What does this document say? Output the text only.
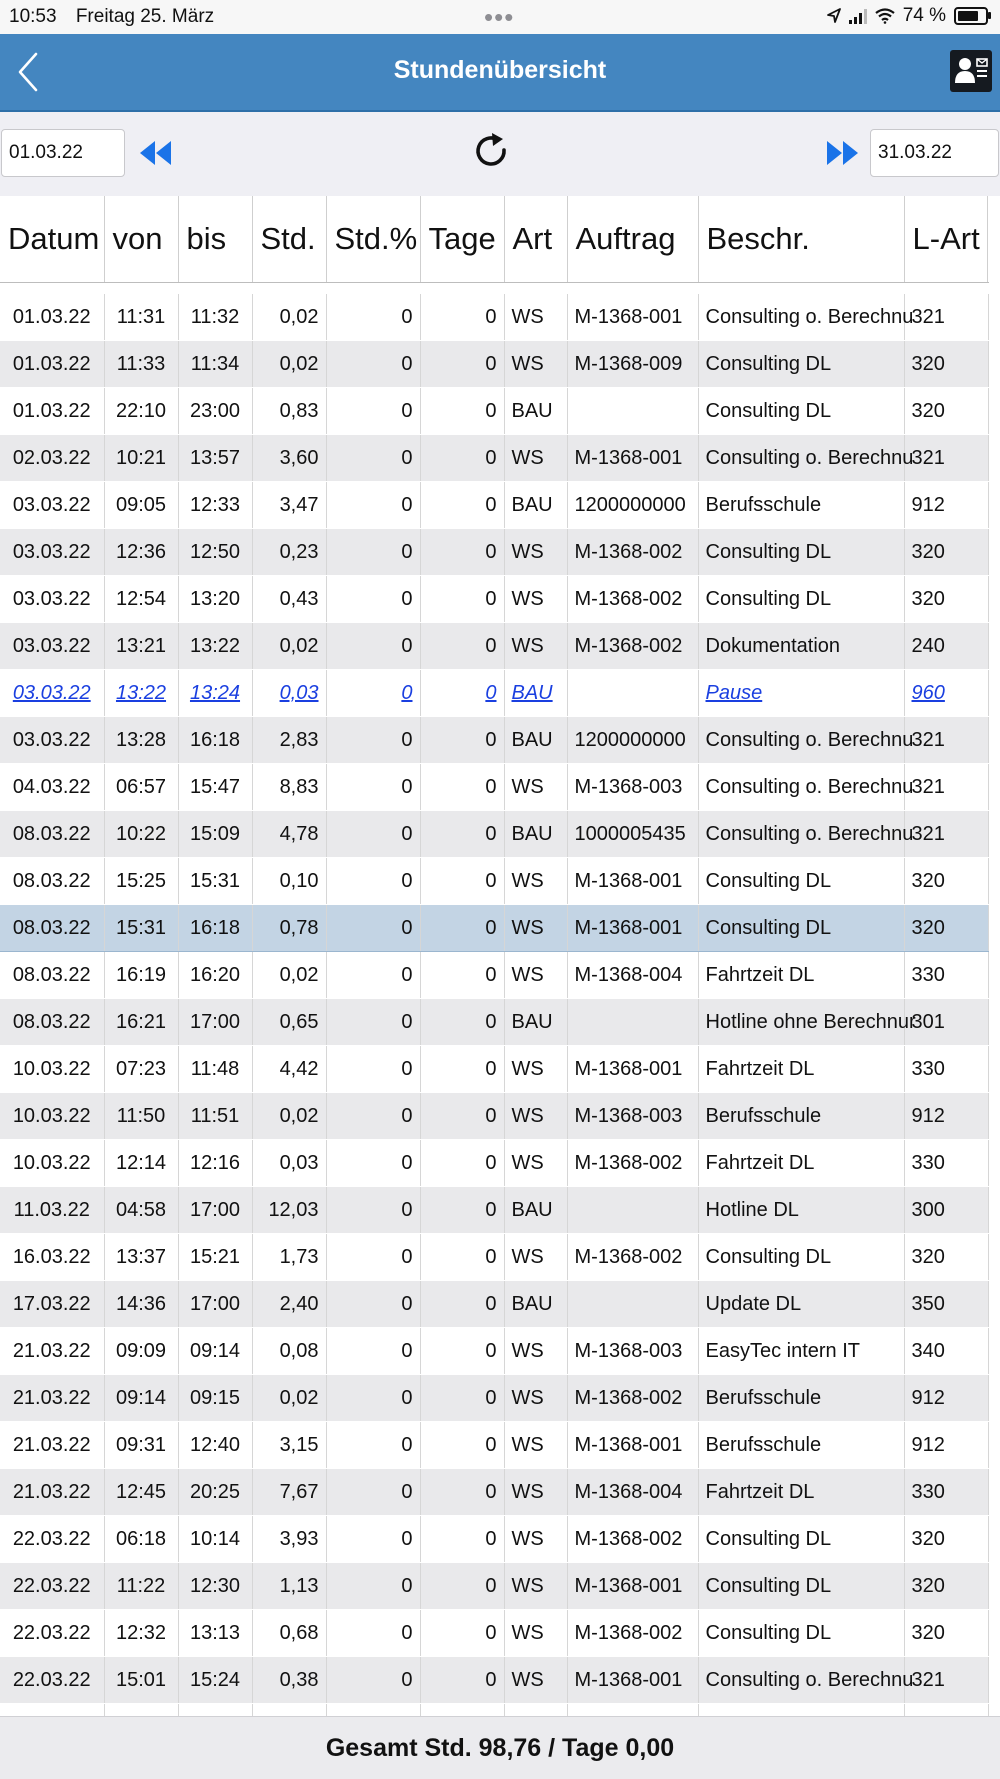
10:53 Freitag 25. März	•••	74 %
Stundenübersicht
01.03.22
31.03.22
Datum	von	bis	Std.	Std.%	Tage	Art	Auftrag	Beschr.	L-Art

01.03.22	11:31	11:32	0,02	0	0	WS	M-1368-001	Consulting o. Berechnu	321
01.03.22	11:33	11:34	0,02	0	0	WS	M-1368-009	Consulting DL	320
01.03.22	22:10	23:00	0,83	0	0	BAU		Consulting DL	320
02.03.22	10:21	13:57	3,60	0	0	WS	M-1368-001	Consulting o. Berechnu	321
03.03.22	09:05	12:33	3,47	0	0	BAU	1200000000	Berufsschule	912
03.03.22	12:36	12:50	0,23	0	0	WS	M-1368-002	Consulting DL	320
03.03.22	12:54	13:20	0,43	0	0	WS	M-1368-002	Consulting DL	320
03.03.22	13:21	13:22	0,02	0	0	WS	M-1368-002	Dokumentation	240
03.03.22	13:22	13:24	0,03	0	0	BAU		Pause	960
03.03.22	13:28	16:18	2,83	0	0	BAU	1200000000	Consulting o. Berechnu	321
04.03.22	06:57	15:47	8,83	0	0	WS	M-1368-003	Consulting o. Berechnu	321
08.03.22	10:22	15:09	4,78	0	0	BAU	1000005435	Consulting o. Berechnu	321
08.03.22	15:25	15:31	0,10	0	0	WS	M-1368-001	Consulting DL	320
08.03.22	15:31	16:18	0,78	0	0	WS	M-1368-001	Consulting DL	320
08.03.22	16:19	16:20	0,02	0	0	WS	M-1368-004	Fahrtzeit DL	330
08.03.22	16:21	17:00	0,65	0	0	BAU		Hotline ohne Berechnur	301
10.03.22	07:23	11:48	4,42	0	0	WS	M-1368-001	Fahrtzeit DL	330
10.03.22	11:50	11:51	0,02	0	0	WS	M-1368-003	Berufsschule	912
10.03.22	12:14	12:16	0,03	0	0	WS	M-1368-002	Fahrtzeit DL	330
11.03.22	04:58	17:00	12,03	0	0	BAU		Hotline DL	300
16.03.22	13:37	15:21	1,73	0	0	WS	M-1368-002	Consulting DL	320
17.03.22	14:36	17:00	2,40	0	0	BAU		Update DL	350
21.03.22	09:09	09:14	0,08	0	0	WS	M-1368-003	EasyTec intern IT	340
21.03.22	09:14	09:15	0,02	0	0	WS	M-1368-002	Berufsschule	912
21.03.22	09:31	12:40	3,15	0	0	WS	M-1368-001	Berufsschule	912
21.03.22	12:45	20:25	7,67	0	0	WS	M-1368-004	Fahrtzeit DL	330
22.03.22	06:18	10:14	3,93	0	0	WS	M-1368-002	Consulting DL	320
22.03.22	11:22	12:30	1,13	0	0	WS	M-1368-001	Consulting DL	320
22.03.22	12:32	13:13	0,68	0	0	WS	M-1368-002	Consulting DL	320
22.03.22	15:01	15:24	0,38	0	0	WS	M-1368-001	Consulting o. Berechnu	321

Gesamt Std. 98,76 / Tage 0,00
